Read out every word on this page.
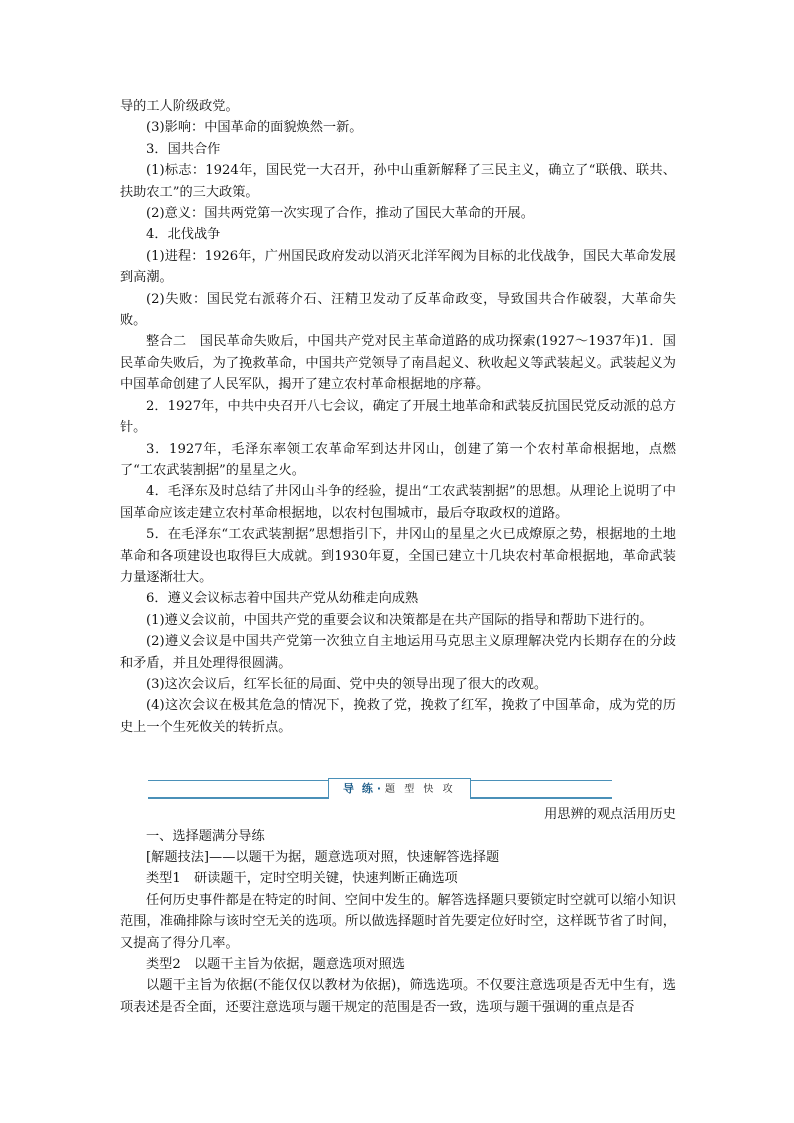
导的工人阶级政党。

(3)影响：中国革命的面貌焕然一新。

3．国共合作

(1)标志：1924年，国民党一大召开，孙中山重新解释了三民主义，确立了“联俄、联共、扶助农工”的三大政策。

(2)意义：国共两党第一次实现了合作，推动了国民大革命的开展。

4．北伐战争

(1)进程：1926年，广州国民政府发动以消灭北洋军阀为目标的北伐战争，国民大革命发展到高潮。

(2)失败：国民党右派蒋介石、汪精卫发动了反革命政变，导致国共合作破裂，大革命失败。

整合二　国民革命失败后，中国共产党对民主革命道路的成功探索(1927～1937年)1．国民革命失败后，为了挽救革命，中国共产党领导了南昌起义、秋收起义等武装起义。武装起义为中国革命创建了人民军队，揭开了建立农村革命根据地的序幕。

2．1927年，中共中央召开八七会议，确定了开展土地革命和武装反抗国民党反动派的总方针。

3．1927年，毛泽东率领工农革命军到达井冈山，创建了第一个农村革命根据地，点燃了“工农武装割据”的星星之火。

4．毛泽东及时总结了井冈山斗争的经验，提出“工农武装割据”的思想。从理论上说明了中国革命应该走建立农村革命根据地，以农村包围城市，最后夺取政权的道路。

5．在毛泽东“工农武装割据”思想指引下，井冈山的星星之火已成燎原之势，根据地的土地革命和各项建设也取得巨大成就。到1930年夏，全国已建立十几块农村革命根据地，革命武装力量逐渐壮大。

6．遵义会议标志着中国共产党从幼稚走向成熟

(1)遵义会议前，中国共产党的重要会议和决策都是在共产国际的指导和帮助下进行的。

(2)遵义会议是中国共产党第一次独立自主地运用马克思主义原理解决党内长期存在的分歧和矛盾，并且处理得很圆满。

(3)这次会议后，红军长征的局面、党中央的领导出现了很大的改观。

(4)这次会议在极其危急的情况下，挽救了党，挽救了红军，挽救了中国革命，成为党的历史上一个生死攸关的转折点。

导 练 · 题 型 快 攻

用思辨的观点活用历史

一、选择题满分导练

[解题技法]——以题干为据，题意选项对照，快速解答选择题

类型1　研读题干，定时空明关键，快速判断正确选项

任何历史事件都是在特定的时间、空间中发生的。解答选择题只要锁定时空就可以缩小知识范围，准确排除与该时空无关的选项。所以做选择题时首先要定位好时空，这样既节省了时间，又提高了得分几率。

类型2　以题干主旨为依据，题意选项对照选

以题干主旨为依据(不能仅仅以教材为依据)，筛选选项。不仅要注意选项是否无中生有，选项表述是否全面，还要注意选项与题干规定的范围是否一致，选项与题干强调的重点是否
